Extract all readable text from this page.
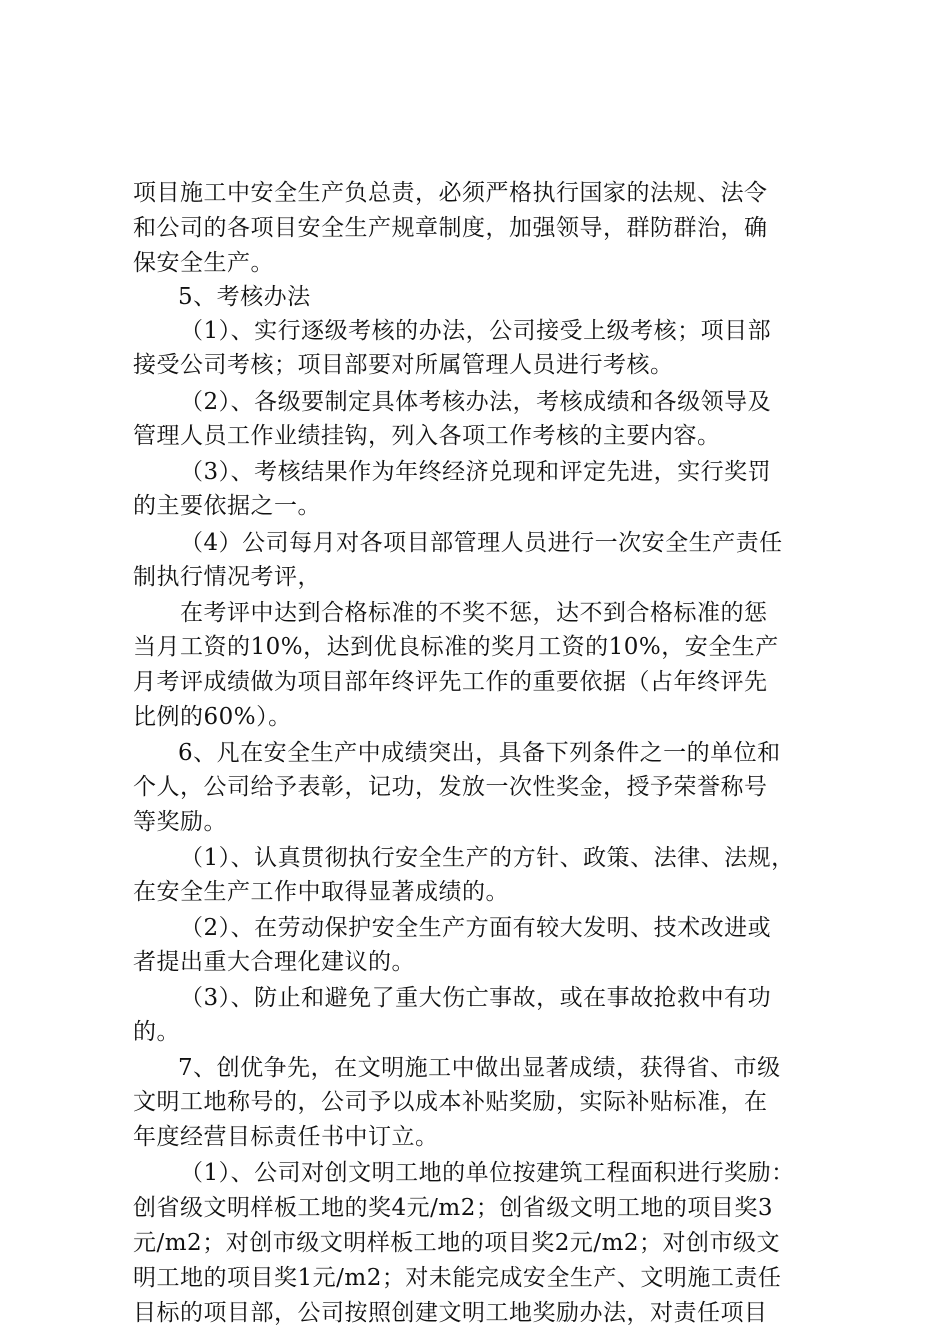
项目施工中安全生产负总责，必须严格执行国家的法规、法令
和公司的各项目安全生产规章制度，加强领导，群防群治，确
保安全生产。
5、考核办法
（1）、实行逐级考核的办法，公司接受上级考核；项目部
接受公司考核；项目部要对所属管理人员进行考核。
（2）、各级要制定具体考核办法，考核成绩和各级领导及
管理人员工作业绩挂钩，列入各项工作考核的主要内容。
（3）、考核结果作为年终经济兑现和评定先进，实行奖罚
的主要依据之一。
（4）公司每月对各项目部管理人员进行一次安全生产责任
制执行情况考评，
在考评中达到合格标准的不奖不惩，达不到合格标准的惩
当月工资的10%，达到优良标准的奖月工资的10%，安全生产
月考评成绩做为项目部年终评先工作的重要依据（占年终评先
比例的60%）。
6、凡在安全生产中成绩突出，具备下列条件之一的单位和
个人，公司给予表彰，记功，发放一次性奖金，授予荣誉称号
等奖励。
（1）、认真贯彻执行安全生产的方针、政策、法律、法规，
在安全生产工作中取得显著成绩的。
（2）、在劳动保护安全生产方面有较大发明、技术改进或
者提出重大合理化建议的。
（3）、防止和避免了重大伤亡事故，或在事故抢救中有功
的。
7、创优争先，在文明施工中做出显著成绩，获得省、市级
文明工地称号的，公司予以成本补贴奖励，实际补贴标准，在
年度经营目标责任书中订立。
（1）、公司对创文明工地的单位按建筑工程面积进行奖励：
创省级文明样板工地的奖4元/m2；创省级文明工地的项目奖3
元/m2；对创市级文明样板工地的项目奖2元/m2；对创市级文
明工地的项目奖1元/m2；对未能完成安全生产、文明施工责任
目标的项目部，公司按照创建文明工地奖励办法，对责任项目
